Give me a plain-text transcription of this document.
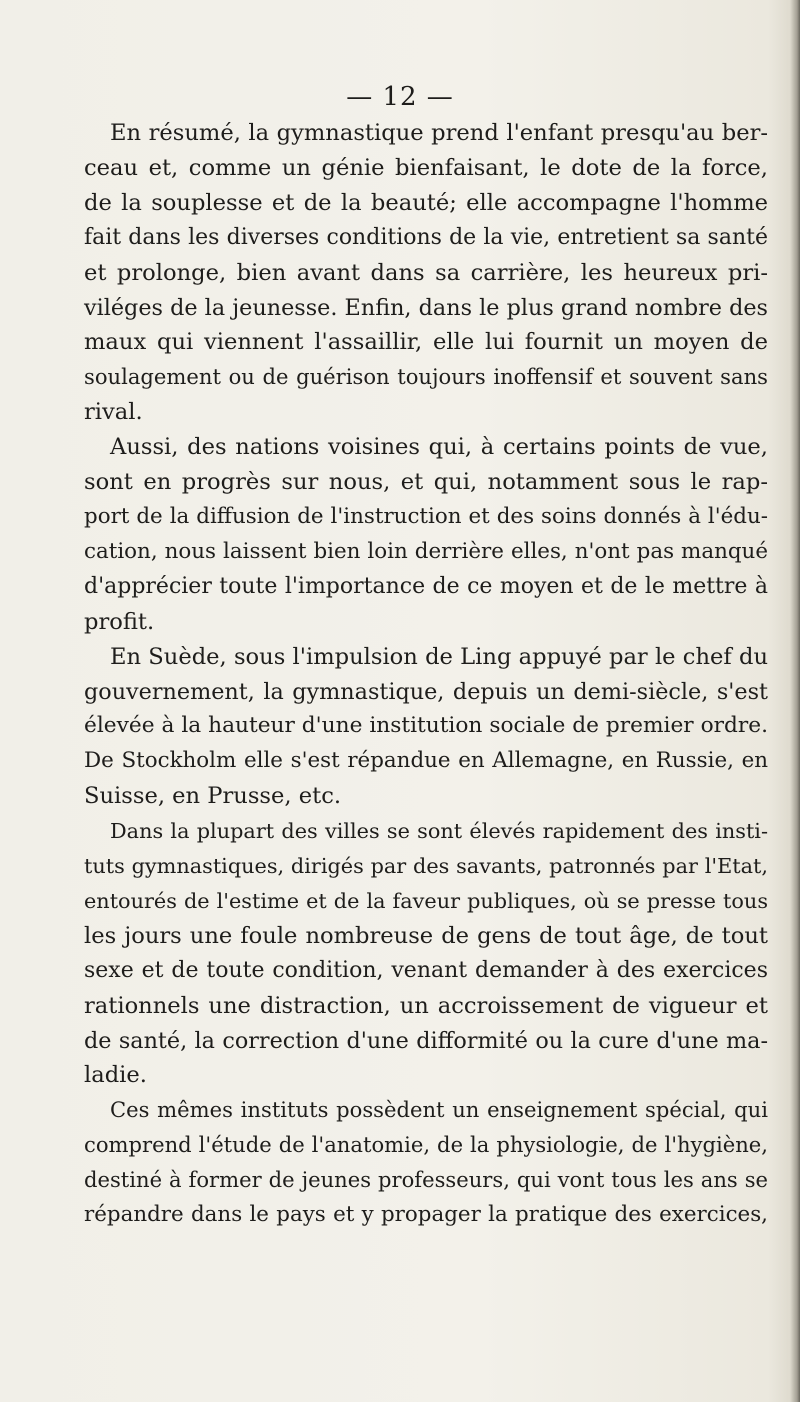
— 12 —
En résumé, la gymnastique prend l'enfant presqu'au ber-
ceau et, comme un génie bienfaisant, le dote de la force,
de la souplesse et de la beauté; elle accompagne l'homme
fait dans les diverses conditions de la vie, entretient sa santé
et prolonge, bien avant dans sa carrière, les heureux pri-
viléges de la jeunesse. Enfin, dans le plus grand nombre des
maux qui viennent l'assaillir, elle lui fournit un moyen de
soulagement ou de guérison toujours inoffensif et souvent sans
rival.
Aussi, des nations voisines qui, à certains points de vue,
sont en progrès sur nous, et qui, notamment sous le rap-
port de la diffusion de l'instruction et des soins donnés à l'édu-
cation, nous laissent bien loin derrière elles, n'ont pas manqué
d'apprécier toute l'importance de ce moyen et de le mettre à
profit.
En Suède, sous l'impulsion de Ling appuyé par le chef du
gouvernement, la gymnastique, depuis un demi-siècle, s'est
élevée à la hauteur d'une institution sociale de premier ordre.
De Stockholm elle s'est répandue en Allemagne, en Russie, en
Suisse, en Prusse, etc.
Dans la plupart des villes se sont élevés rapidement des insti-
tuts gymnastiques, dirigés par des savants, patronnés par l'Etat,
entourés de l'estime et de la faveur publiques, où se presse tous
les jours une foule nombreuse de gens de tout âge, de tout
sexe et de toute condition, venant demander à des exercices
rationnels une distraction, un accroissement de vigueur et
de santé, la correction d'une difformité ou la cure d'une ma-
ladie.
Ces mêmes instituts possèdent un enseignement spécial, qui
comprend l'étude de l'anatomie, de la physiologie, de l'hygiène,
destiné à former de jeunes professeurs, qui vont tous les ans se
répandre dans le pays et y propager la pratique des exercices,
